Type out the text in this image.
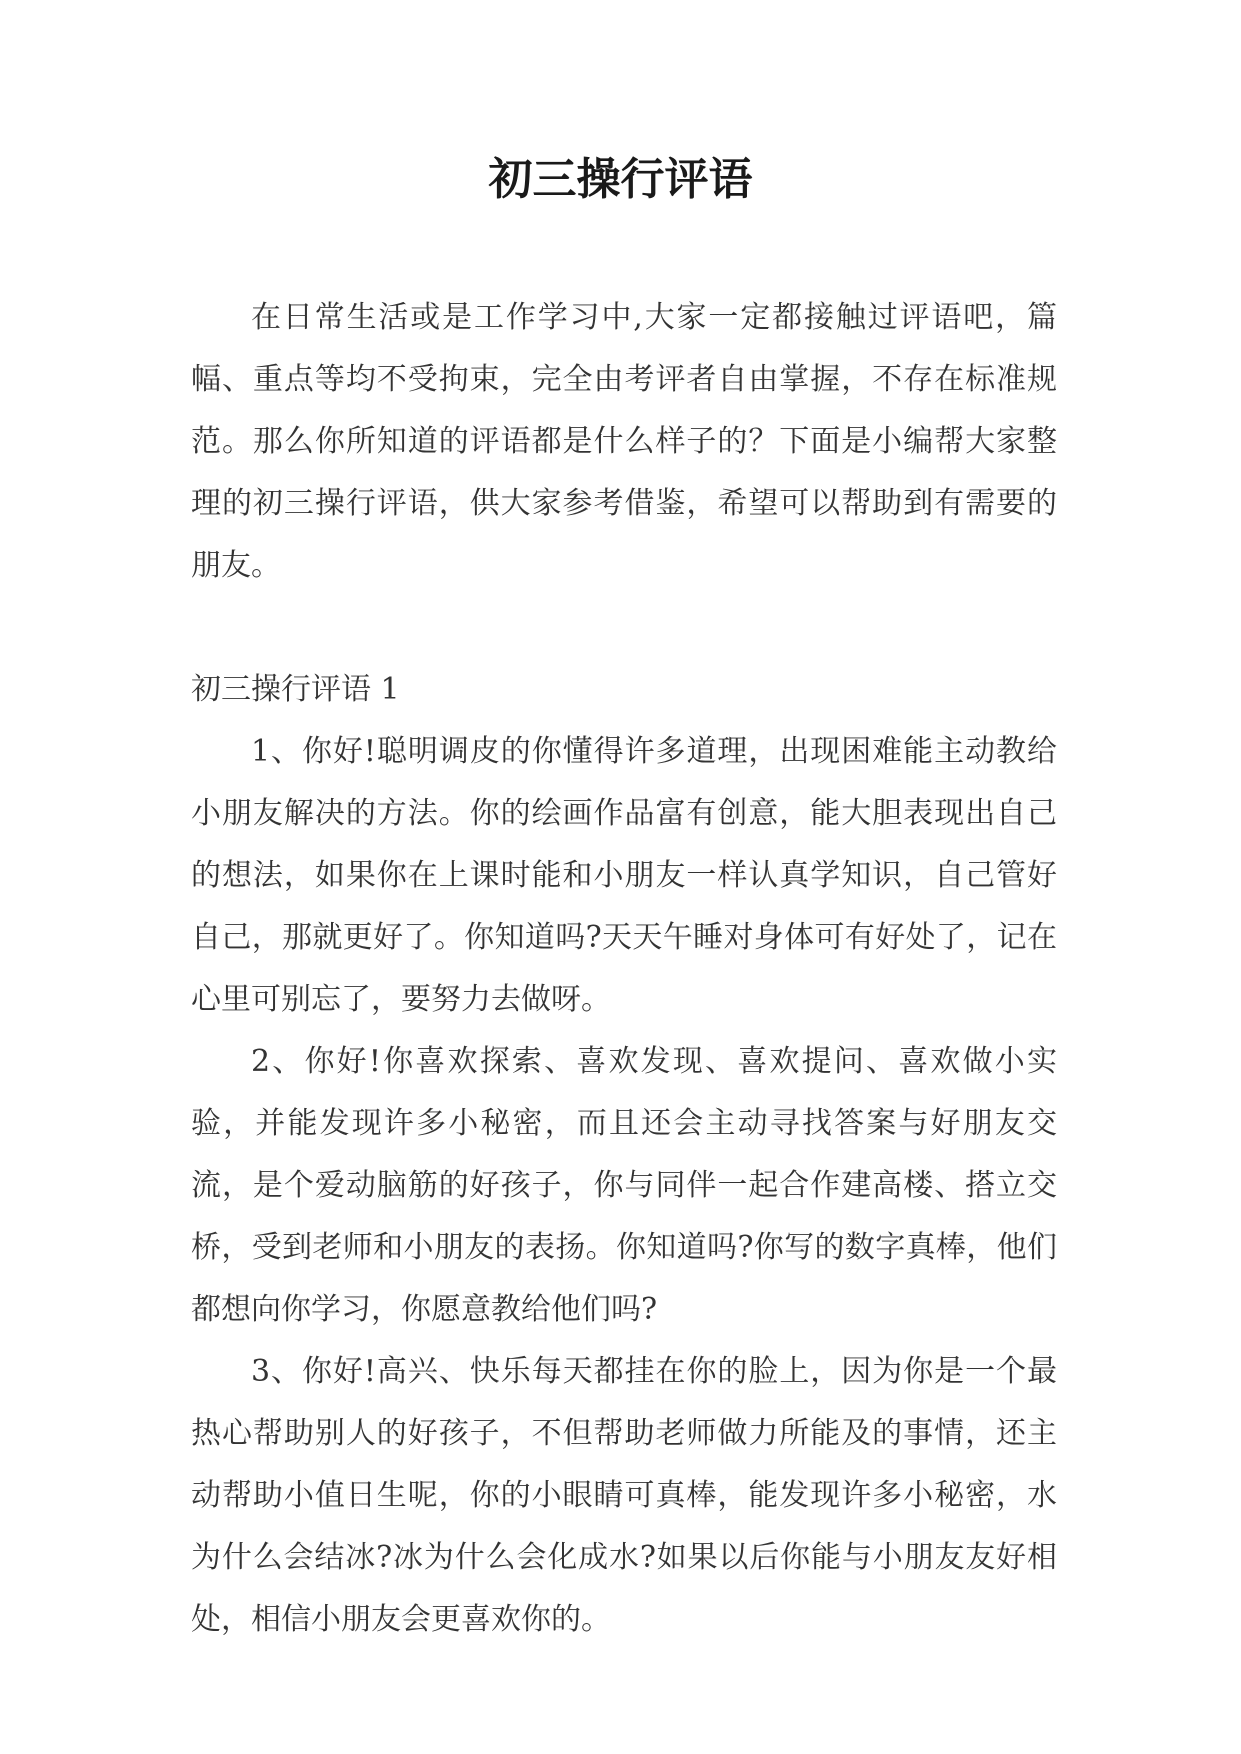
初三操行评语

在日常生活或是工作学习中,大家一定都接触过评语吧，篇幅、重点等均不受拘束，完全由考评者自由掌握，不存在标准规范。那么你所知道的评语都是什么样子的？下面是小编帮大家整理的初三操行评语，供大家参考借鉴，希望可以帮助到有需要的朋友。

初三操行评语 1

1、你好!聪明调皮的你懂得许多道理，出现困难能主动教给小朋友解决的方法。你的绘画作品富有创意，能大胆表现出自己的想法，如果你在上课时能和小朋友一样认真学知识，自己管好自己，那就更好了。你知道吗?天天午睡对身体可有好处了，记在心里可别忘了，要努力去做呀。

2、你好!你喜欢探索、喜欢发现、喜欢提问、喜欢做小实验，并能发现许多小秘密，而且还会主动寻找答案与好朋友交流，是个爱动脑筋的好孩子，你与同伴一起合作建高楼、搭立交桥，受到老师和小朋友的表扬。你知道吗?你写的数字真棒，他们都想向你学习，你愿意教给他们吗?

3、你好!高兴、快乐每天都挂在你的脸上，因为你是一个最热心帮助别人的好孩子，不但帮助老师做力所能及的事情，还主动帮助小值日生呢，你的小眼睛可真棒，能发现许多小秘密，水为什么会结冰?冰为什么会化成水?如果以后你能与小朋友友好相处，相信小朋友会更喜欢你的。
